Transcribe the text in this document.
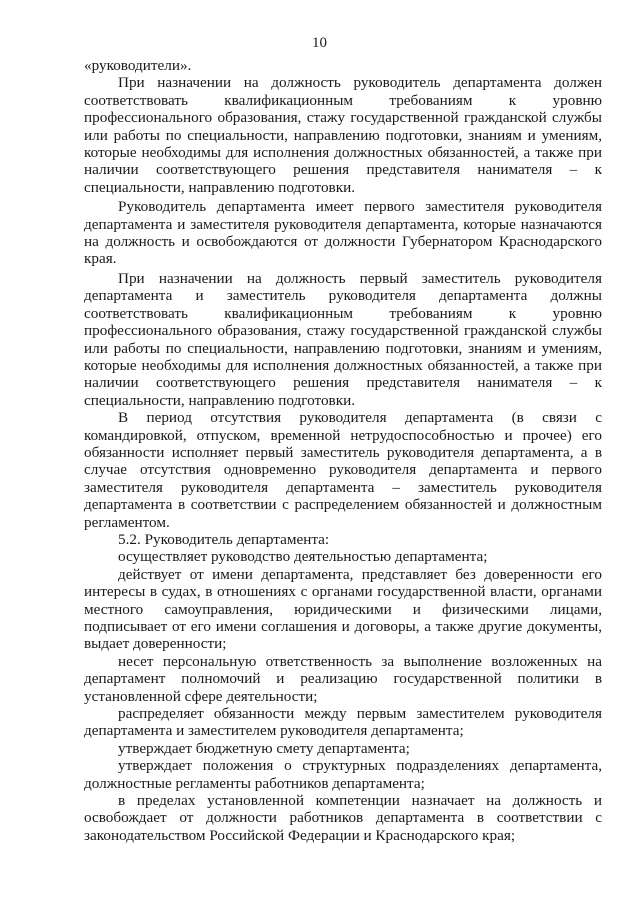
10

«руководители».

При назначении на должность руководитель департамента должен соответствовать квалификационным требованиям к уровню профессионального образования, стажу государственной гражданской службы или работы по специальности, направлению подготовки, знаниям и умениям, которые необходимы для исполнения должностных обязанностей, а также при наличии соответствующего решения представителя нанимателя – к специальности, направлению подготовки.

Руководитель департамента имеет первого заместителя руководителя департамента и заместителя руководителя департамента, которые назначаются на должность и освобождаются от должности Губернатором Краснодарского края.

При назначении на должность первый заместитель руководителя департамента и заместитель руководителя департамента должны соответствовать квалификационным требованиям к уровню профессионального образования, стажу государственной гражданской службы или работы по специальности, направлению подготовки, знаниям и умениям, которые необходимы для исполнения должностных обязанностей, а также при наличии соответствующего решения представителя нанимателя – к специальности, направлению подготовки.

В период отсутствия руководителя департамента (в связи с командировкой, отпуском, временной нетрудоспособностью и прочее) его обязанности исполняет первый заместитель руководителя департамента, а в случае отсутствия одновременно руководителя департамента и первого заместителя руководителя департамента – заместитель руководителя департамента в соответствии с распределением обязанностей и должностным регламентом.

5.2. Руководитель департамента:

осуществляет руководство деятельностью департамента;

действует от имени департамента, представляет без доверенности его интересы в судах, в отношениях с органами государственной власти, органами местного самоуправления, юридическими и физическими лицами, подписывает от его имени соглашения и договоры, а также другие документы, выдает доверенности;

несет персональную ответственность за выполнение возложенных на департамент полномочий и реализацию государственной политики в установленной сфере деятельности;

распределяет обязанности между первым заместителем руководителя департамента и заместителем руководителя департамента;

утверждает бюджетную смету департамента;

утверждает положения о структурных подразделениях департамента, должностные регламенты работников департамента;

в пределах установленной компетенции назначает на должность и освобождает от должности работников департамента в соответствии с законодательством Российской Федерации и Краснодарского края;
